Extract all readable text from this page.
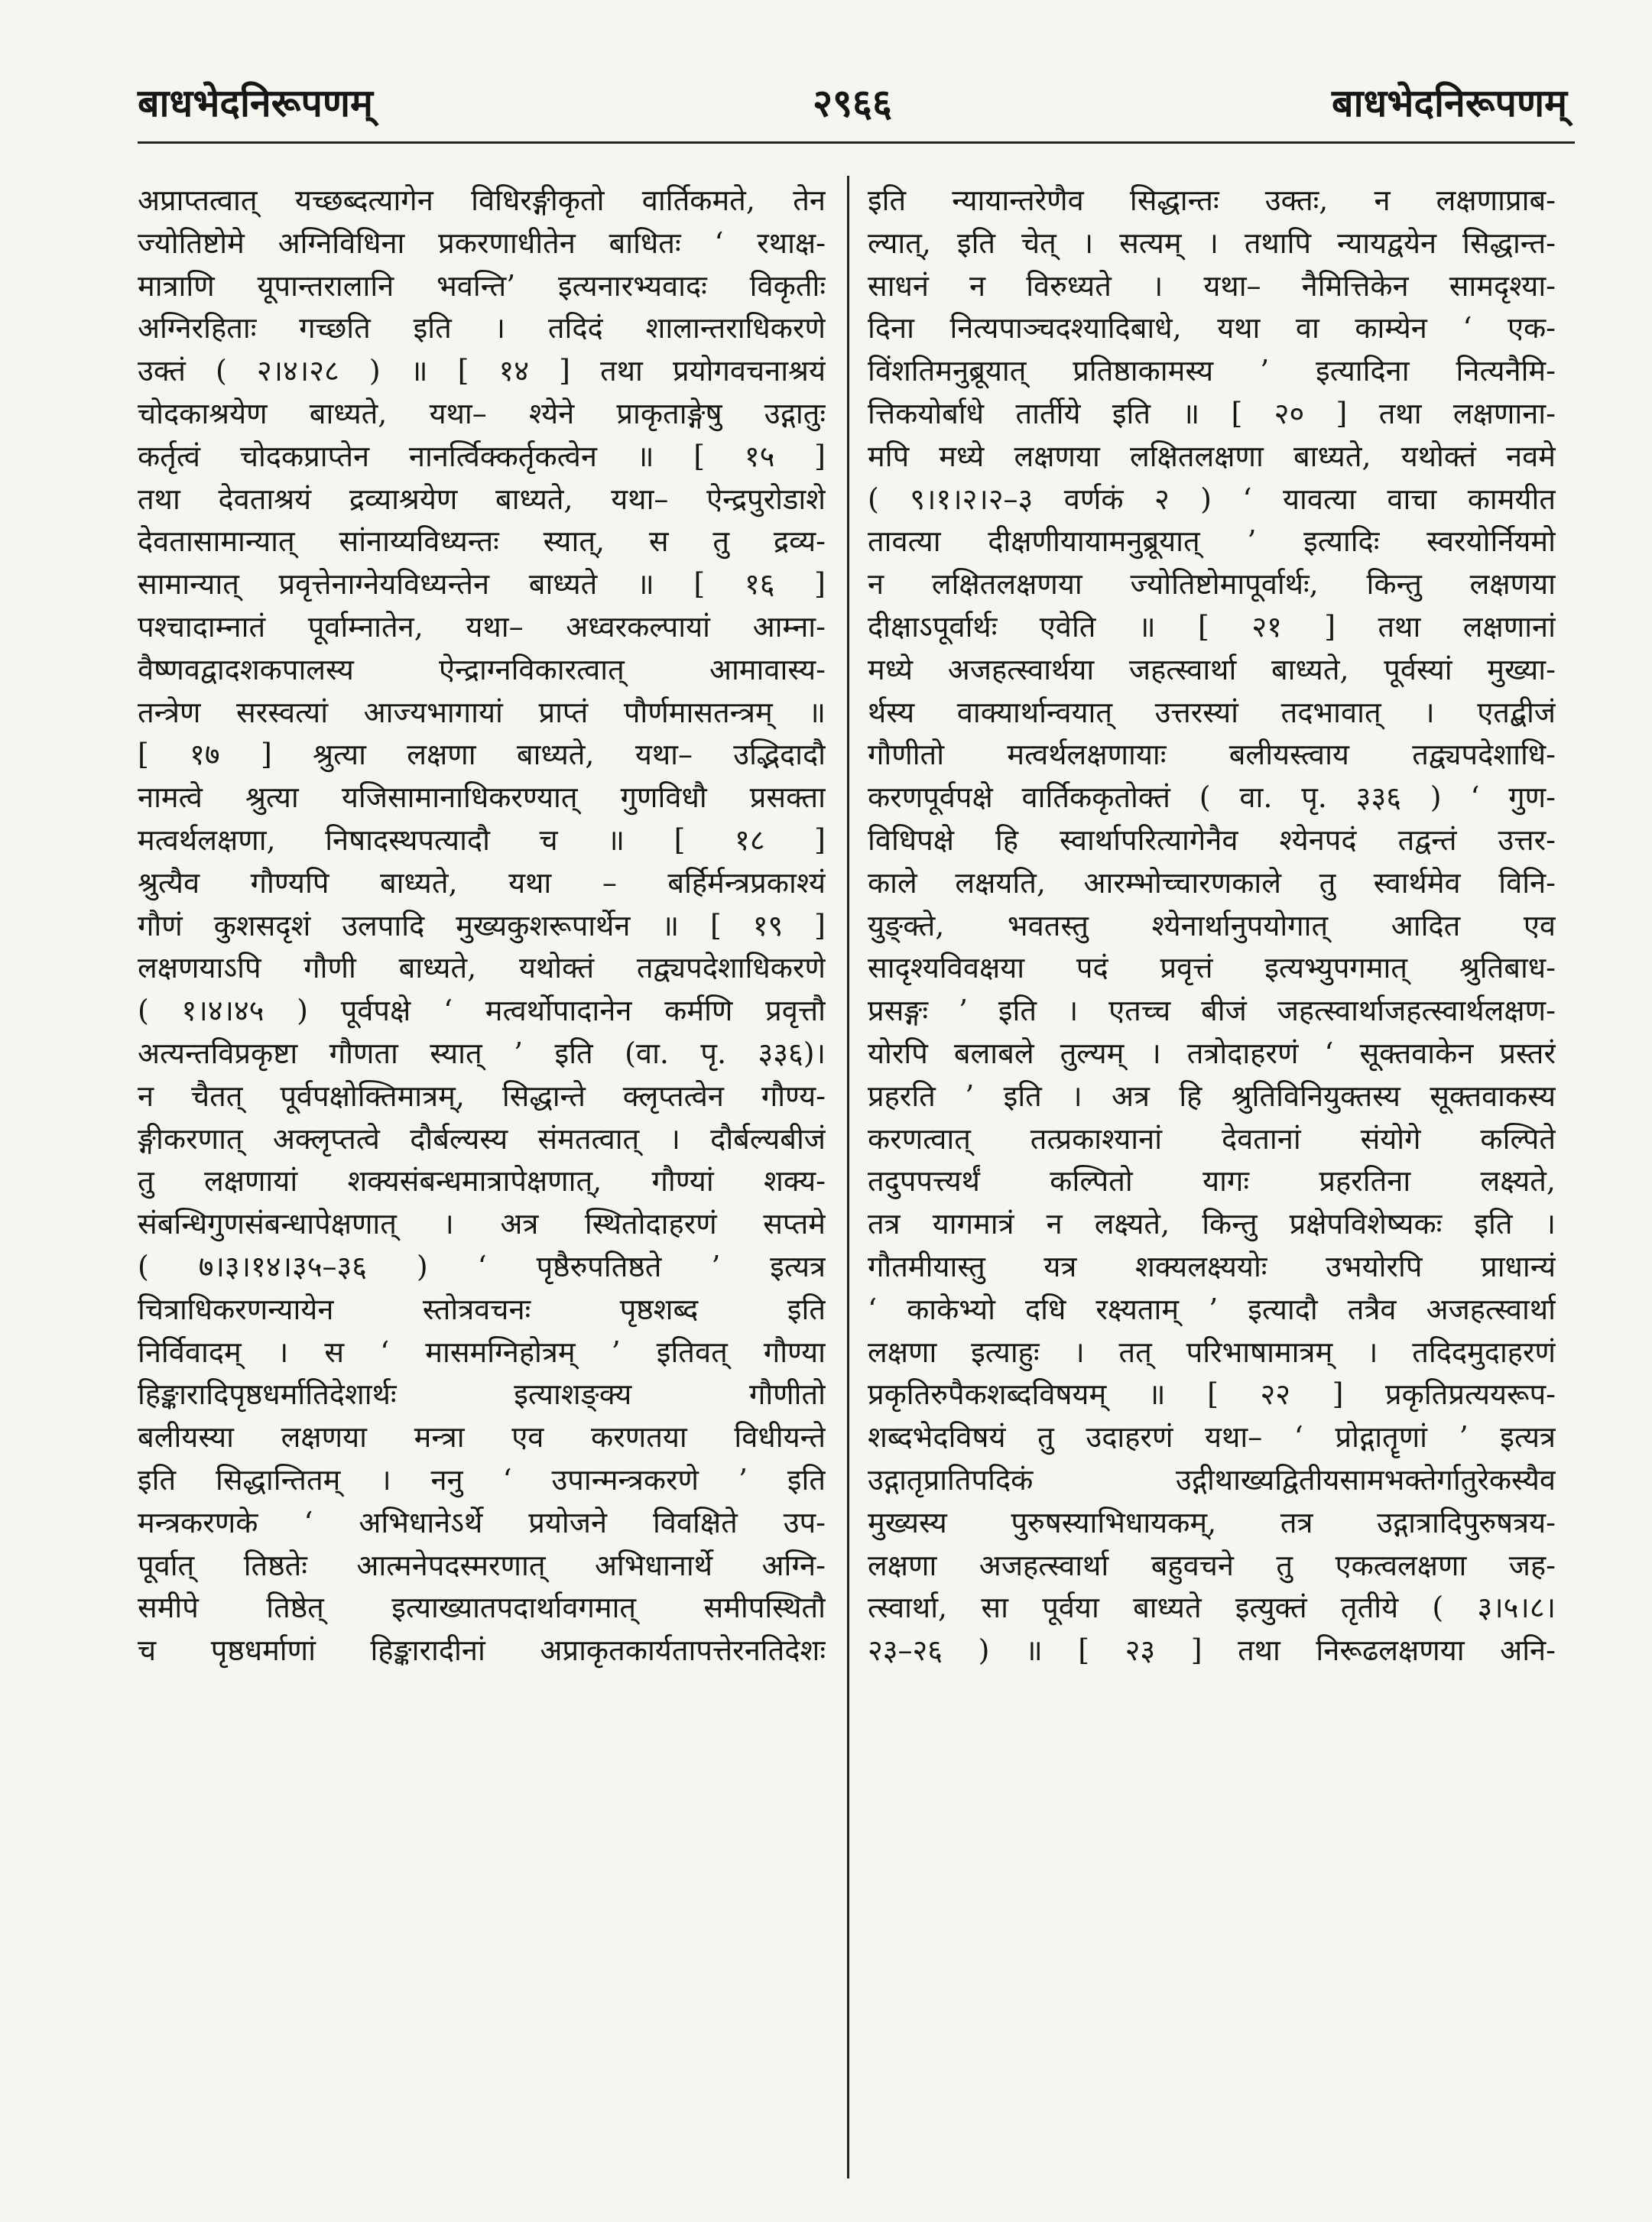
२९६६
बाधभेदनिरूपणम्	बाधभेदनिरूपणम्
अप्राप्तत्वात् यच्छब्दत्यागेन विधिरङ्गीकृतो वार्तिकमते, तेन
ज्योतिष्टोमे अग्निविधिना प्रकरणाधीतेन बाधितः ‘ रथाक्ष-
मात्राणि यूपान्तरालानि भवन्ति’ इत्यनारभ्यवादः विकृतीः
अग्निरहिताः गच्छति इति । तदिदं शालान्तराधिकरणे
उक्तं ( २।४।२८ ) ॥ [ १४ ] तथा प्रयोगवचनाश्रयं
चोदकाश्रयेण बाध्यते, यथा– श्येने प्राकृताङ्गेषु उद्गातुः
कर्तृत्वं चोदकप्राप्तेन नानर्त्विक्कर्तृकत्वेन ॥ [ १५ ]
तथा देवताश्रयं द्रव्याश्रयेण बाध्यते, यथा– ऐन्द्रपुरोडाशे
देवतासामान्यात् सांनाय्यविध्यन्तः स्यात्, स तु द्रव्य-
सामान्यात् प्रवृत्तेनाग्नेयविध्यन्तेन बाध्यते ॥ [ १६ ]
पश्चादाम्नातं पूर्वाम्नातेन, यथा– अध्वरकल्पायां आम्ना-
वैष्णवद्वादशकपालस्य ऐन्द्राग्नविकारत्वात् आमावास्य-
तन्त्रेण सरस्वत्यां आज्यभागायां प्राप्तं पौर्णमासतन्त्रम् ॥
[ १७ ] श्रुत्या लक्षणा बाध्यते, यथा– उद्भिदादौ
नामत्वे श्रुत्या यजिसामानाधिकरण्यात् गुणविधौ प्रसक्ता
मत्वर्थलक्षणा, निषादस्थपत्यादौ च ॥ [ १८ ]
श्रुत्यैव गौण्यपि बाध्यते, यथा – बर्हिर्मन्त्रप्रकाश्यं
गौणं कुशसदृशं उलपादि मुख्यकुशरूपार्थेन ॥ [ १९ ]
लक्षणयाऽपि गौणी बाध्यते, यथोक्तं तद्व्यपदेशाधिकरणे
( १।४।४५ ) पूर्वपक्षे ‘ मत्वर्थोपादानेन कर्मणि प्रवृत्तौ
अत्यन्तविप्रकृष्टा गौणता स्यात् ’ इति (वा. पृ. ३३६)।
न चैतत् पूर्वपक्षोक्तिमात्रम्, सिद्धान्ते क्लृप्तत्वेन गौण्य-
ङ्गीकरणात् अक्लृप्तत्वे दौर्बल्यस्य संमतत्वात् । दौर्बल्यबीजं
तु लक्षणायां शक्यसंबन्धमात्रापेक्षणात्, गौण्यां शक्य-
संबन्धिगुणसंबन्धापेक्षणात् । अत्र स्थितोदाहरणं सप्तमे
( ७।३।१४।३५–३६ ) ‘ पृष्ठैरुपतिष्ठते ’ इत्यत्र
चित्राधिकरणन्यायेन स्तोत्रवचनः पृष्ठशब्द इति
निर्विवादम् । स ‘ मासमग्निहोत्रम् ’ इतिवत् गौण्या
हिङ्कारादिपृष्ठधर्मातिदेशार्थः इत्याशङ्क्य गौणीतो
बलीयस्या लक्षणया मन्त्रा एव करणतया विधीयन्ते
इति सिद्धान्तितम् । ननु ‘ उपान्मन्त्रकरणे ’ इति
मन्त्रकरणके ‘ अभिधानेऽर्थे प्रयोजने विवक्षिते उप-
पूर्वात् तिष्ठतेः आत्मनेपदस्मरणात् अभिधानार्थे अग्नि-
समीपे तिष्ठेत् इत्याख्यातपदार्थावगमात् समीपस्थितौ
च पृष्ठधर्माणां हिङ्कारादीनां अप्राकृतकार्यतापत्तेरनतिदेशः
इति न्यायान्तरेणैव सिद्धान्तः उक्तः, न लक्षणाप्राब-
ल्यात्, इति चेत् । सत्यम् । तथापि न्यायद्वयेन सिद्धान्त-
साधनं न विरुध्यते । यथा– नैमित्तिकेन सामदृश्या-
दिना नित्यपाञ्चदश्यादिबाधे, यथा वा काम्येन ‘ एक-
विंशतिमनुब्रूयात् प्रतिष्ठाकामस्य ’ इत्यादिना नित्यनैमि-
त्तिकयोर्बाधे तार्तीये इति ॥ [ २० ] तथा लक्षणाना-
मपि मध्ये लक्षणया लक्षितलक्षणा बाध्यते, यथोक्तं नवमे
( ९।१।२।२–३ वर्णकं २ ) ‘ यावत्या वाचा कामयीत
तावत्या दीक्षणीयायामनुब्रूयात् ’ इत्यादिः स्वरयोर्नियमो
न लक्षितलक्षणया ज्योतिष्टोमापूर्वार्थः, किन्तु लक्षणया
दीक्षाऽपूर्वार्थः एवेति ॥ [ २१ ] तथा लक्षणानां
मध्ये अजहत्स्वार्थया जहत्स्वार्था बाध्यते, पूर्वस्यां मुख्या-
र्थस्य वाक्यार्थान्वयात् उत्तरस्यां तदभावात् । एतद्बीजं
गौणीतो मत्वर्थलक्षणायाः बलीयस्त्वाय तद्व्यपदेशाधि-
करणपूर्वपक्षे वार्तिककृतोक्तं ( वा. पृ. ३३६ ) ‘ गुण-
विधिपक्षे हि स्वार्थापरित्यागेनैव श्येनपदं तद्वन्तं उत्तर-
काले लक्षयति, आरम्भोच्चारणकाले तु स्वार्थमेव विनि-
युङ्क्ते, भवतस्तु श्येनार्थानुपयोगात् आदित एव
सादृश्यविवक्षया पदं प्रवृत्तं इत्यभ्युपगमात् श्रुतिबाध-
प्रसङ्गः ’ इति । एतच्च बीजं जहत्स्वार्थाजहत्स्वार्थलक्षण-
योरपि बलाबले तुल्यम् । तत्रोदाहरणं ‘ सूक्तवाकेन प्रस्तरं
प्रहरति ’ इति । अत्र हि श्रुतिविनियुक्तस्य सूक्तवाकस्य
करणत्वात् तत्प्रकाश्यानां देवतानां संयोगे कल्पिते
तदुपपत्त्यर्थं कल्पितो यागः प्रहरतिना लक्ष्यते,
तत्र यागमात्रं न लक्ष्यते, किन्तु प्रक्षेपविशेष्यकः इति ।
गौतमीयास्तु यत्र शक्यलक्ष्ययोः उभयोरपि प्राधान्यं
‘ काकेभ्यो दधि रक्ष्यताम् ’ इत्यादौ तत्रैव अजहत्स्वार्था
लक्षणा इत्याहुः । तत् परिभाषामात्रम् । तदिदमुदाहरणं
प्रकृतिरुपैकशब्दविषयम् ॥ [ २२ ] प्रकृतिप्रत्ययरूप-
शब्दभेदविषयं तु उदाहरणं यथा– ‘ प्रोद्गातॄणां ’ इत्यत्र
उद्गातृप्रातिपदिकं उद्गीथाख्यद्वितीयसामभक्तेर्गातुरेकस्यैव
मुख्यस्य पुरुषस्याभिधायकम्, तत्र उद्गात्रादिपुरुषत्रय-
लक्षणा अजहत्स्वार्था बहुवचने तु एकत्वलक्षणा जह-
त्स्वार्था, सा पूर्वया बाध्यते इत्युक्तं तृतीये ( ३।५।८।
२३–२६ ) ॥ [ २३ ] तथा निरूढलक्षणया अनि-
